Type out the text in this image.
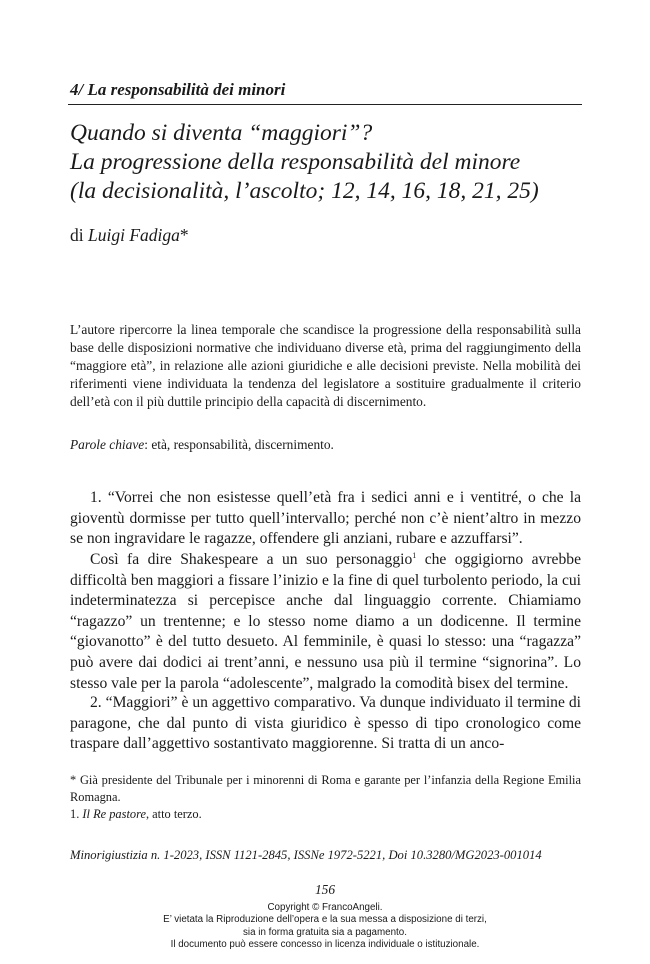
4/ La responsabilità dei minori
Quando si diventa “maggiori”?
La progressione della responsabilità del minore
(la decisionalità, l’ascolto; 12, 14, 16, 18, 21, 25)
di Luigi Fadiga*
L’autore ripercorre la linea temporale che scandisce la progressione della responsabilità sulla base delle disposizioni normative che individuano diverse età, prima del raggiungimento della “maggiore età”, in relazione alle azioni giuridiche e alle decisioni previste. Nella mobilità dei riferimenti viene individuata la tendenza del legislatore a sostituire gradualmente il criterio dell’età con il più duttile principio della capacità di discernimento.
Parole chiave: età, responsabilità, discernimento.

1. “Vorrei che non esistesse quell’età fra i sedici anni e i ventitré, o che la gioventù dormisse per tutto quell’intervallo; perché non c’è nient’altro in mezzo se non ingravidare le ragazze, offendere gli anziani, rubare e azzuffarsi”.

Così fa dire Shakespeare a un suo personaggio$^1$ che oggigiorno avrebbe difficoltà ben maggiori a fissare l’inizio e la fine di quel turbolento periodo, la cui indeterminatezza si percepisce anche dal linguaggio corrente. Chiamiamo “ragazzo” un trentenne; e lo stesso nome diamo a un dodicenne. Il termine “giovanotto” è del tutto desueto. Al femminile, è quasi lo stesso: una “ragazza” può avere dai dodici ai trent’anni, e nessuno usa più il termine “signorina”. Lo stesso vale per la parola “adolescente”, malgrado la comodità bisex del termine.

2. “Maggiori” è un aggettivo comparativo. Va dunque individuato il termine di paragone, che dal punto di vista giuridico è spesso di tipo cronologico come traspare dall’aggettivo sostantivato maggiorenne. Si tratta di un anco-

* Già presidente del Tribunale per i minorenni di Roma e garante per l’infanzia della Regione Emilia Romagna.
1. Il Re pastore, atto terzo.
Minorigiustizia n. 1-2023, ISSN 1121-2845, ISSNe 1972-5221, Doi 10.3280/MG2023-001014
156
Copyright © FrancoAngeli.
E’ vietata la Riproduzione dell’opera e la sua messa a disposizione di terzi,
sia in forma gratuita sia a pagamento.
Il documento può essere concesso in licenza individuale o istituzionale.
